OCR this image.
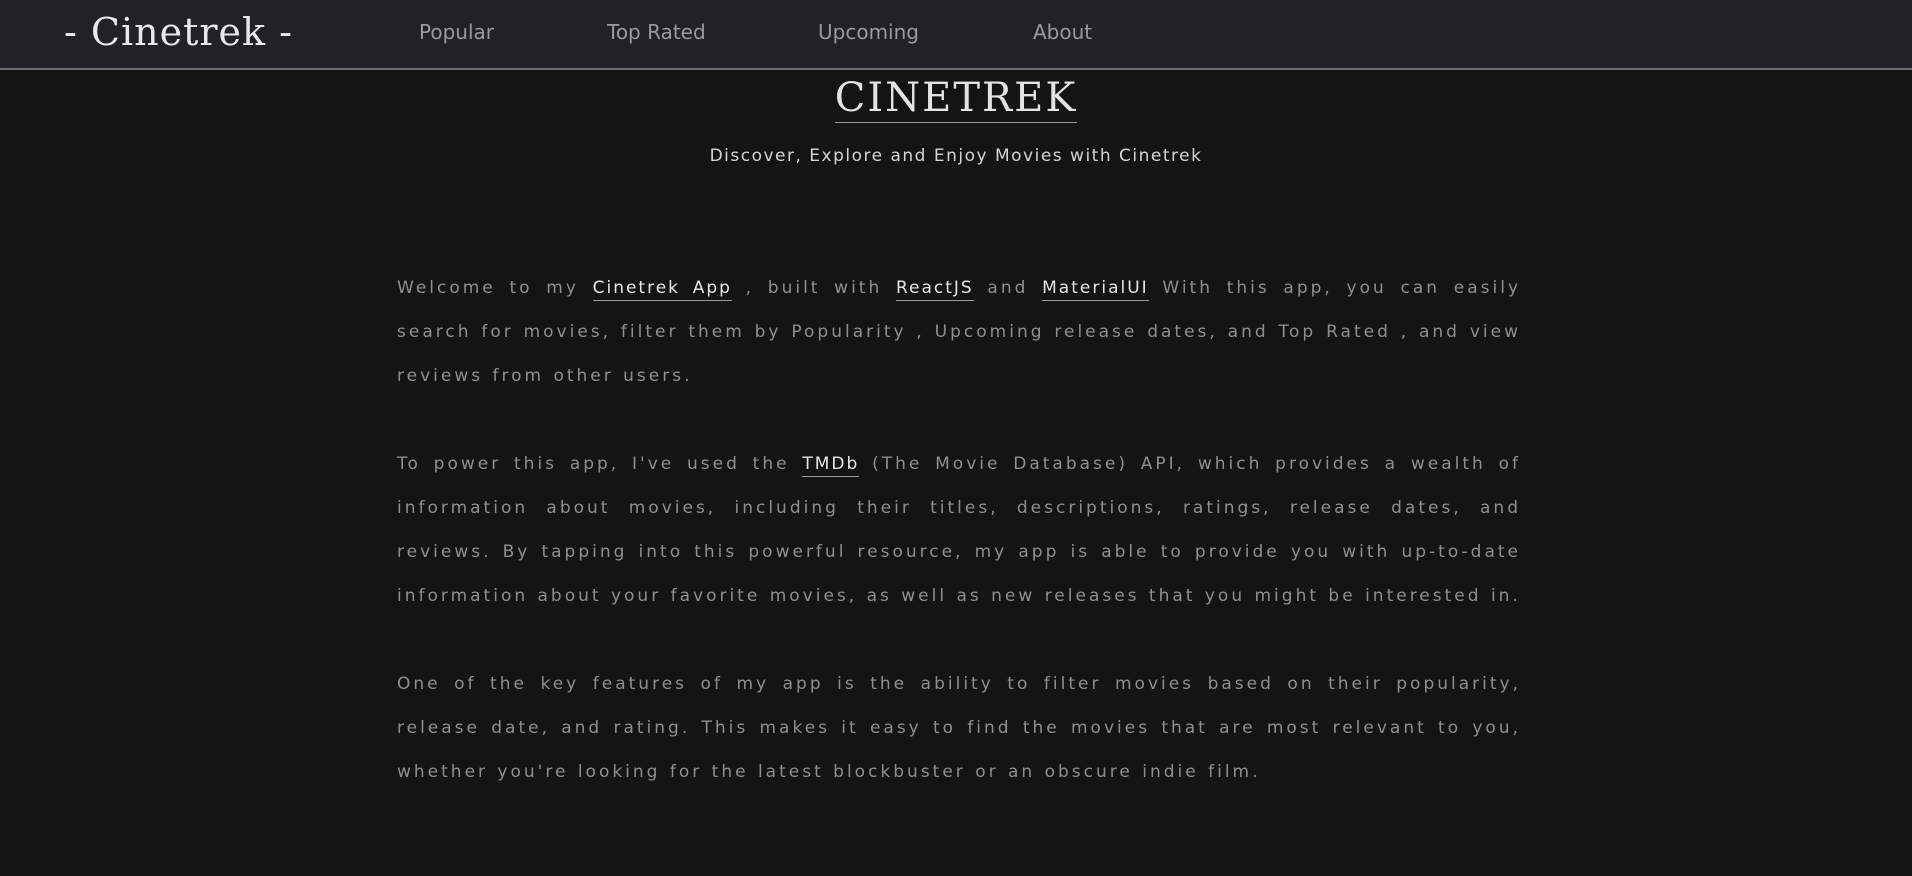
- Cinetrek -	Popular	Top Rated	Upcoming	About
CINETREK

Discover, Explore and Enjoy Movies with Cinetrek

Welcome to my Cinetrek App , built with ReactJS and MaterialUI With this app, you can easily search for movies, filter them by Popularity , Upcoming release dates, and Top Rated , and view reviews from other users.

To power this app, I've used the TMDb (The Movie Database) API, which provides a wealth of information about movies, including their titles, descriptions, ratings, release dates, and reviews. By tapping into this powerful resource, my app is able to provide you with up-to-date information about your favorite movies, as well as new releases that you might be interested in.

One of the key features of my app is the ability to filter movies based on their popularity, release date, and rating. This makes it easy to find the movies that are most relevant to you, whether you're looking for the latest blockbuster or an obscure indie film.
